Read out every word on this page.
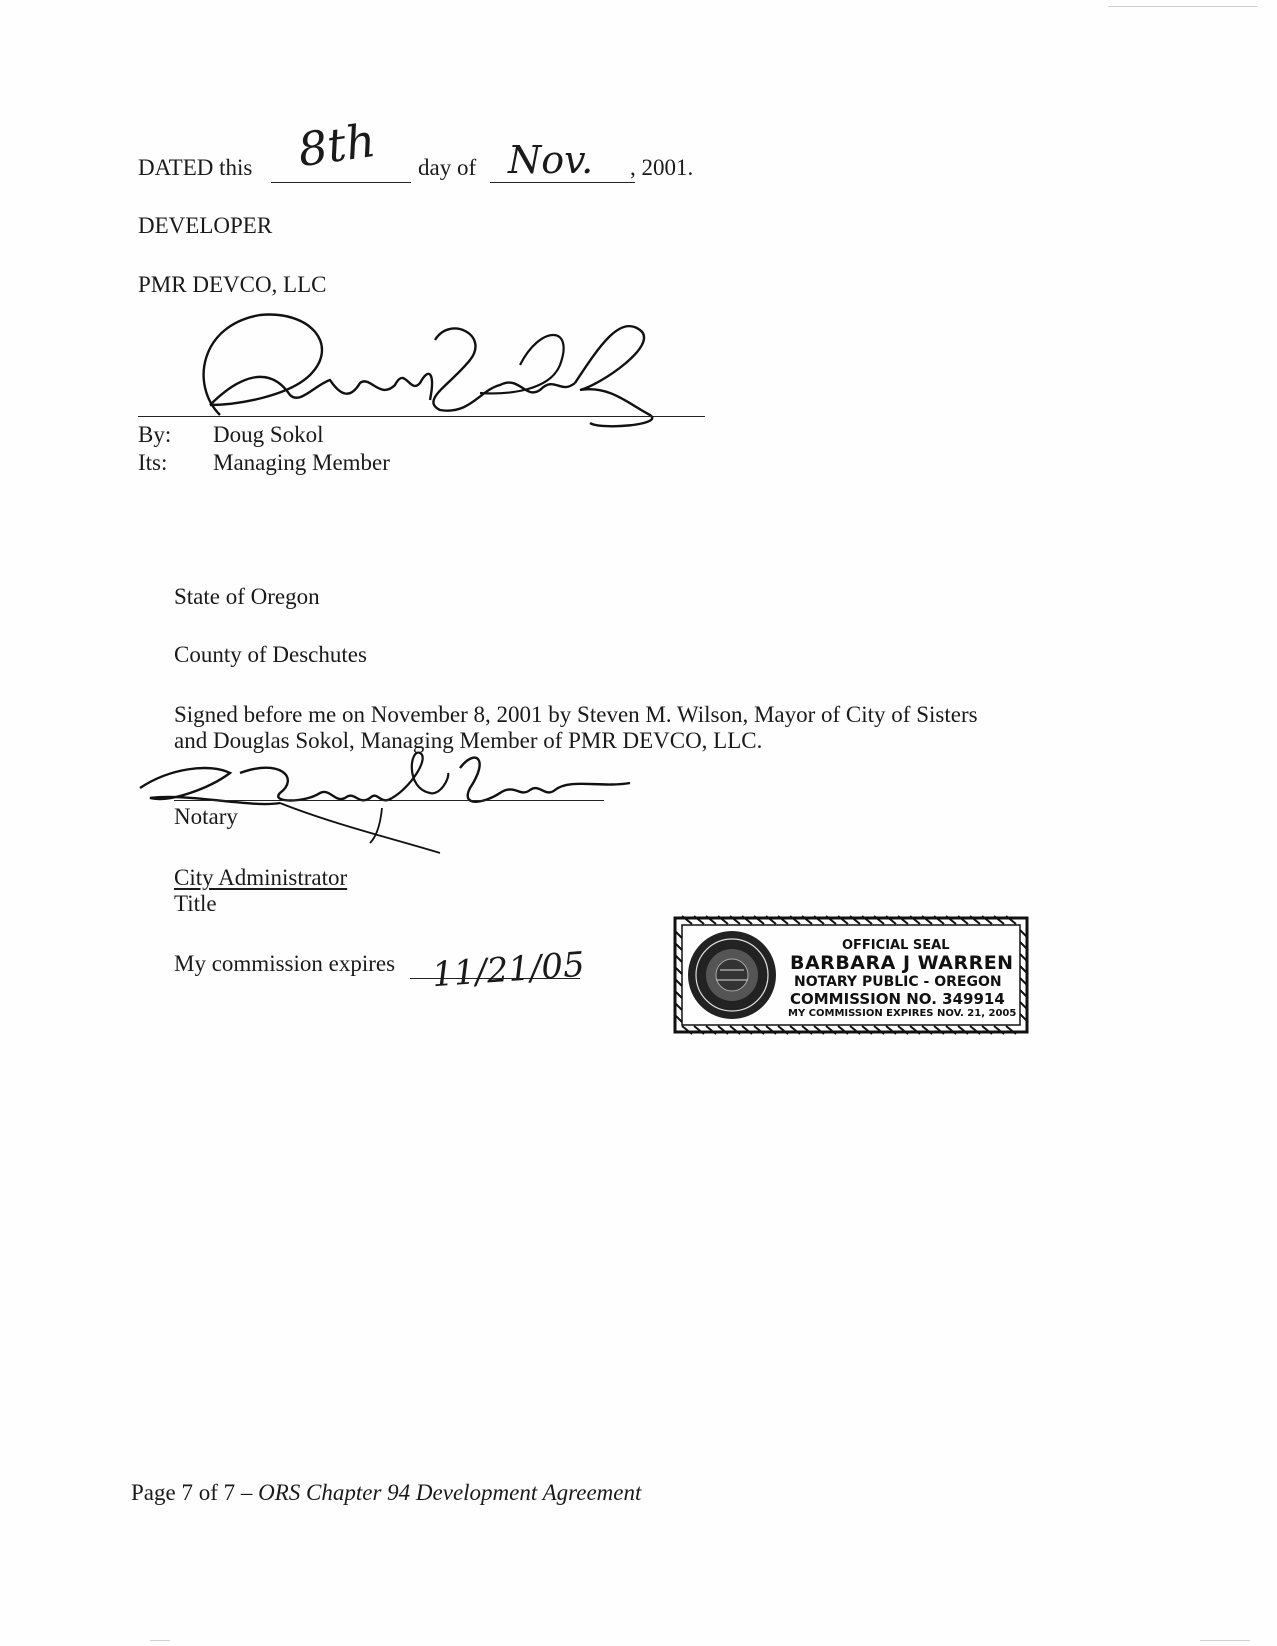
DATED this 8th day of Nov. , 2001.
DEVELOPER
PMR DEVCO, LLC
By: Doug Sokol
Its: Managing Member
State of Oregon
County of Deschutes
Signed before me on November 8, 2001 by Steven M. Wilson, Mayor of City of Sisters
and Douglas Sokol, Managing Member of PMR DEVCO, LLC.
Notary
City Administrator
Title
My commission expires 11/21/05	OFFICIAL SEAL
BARBARA J WARREN
NOTARY PUBLIC - OREGON
COMMISSION NO. 349914
MY COMMISSION EXPIRES NOV. 21, 2005
Page 7 of 7 – ORS Chapter 94 Development Agreement
